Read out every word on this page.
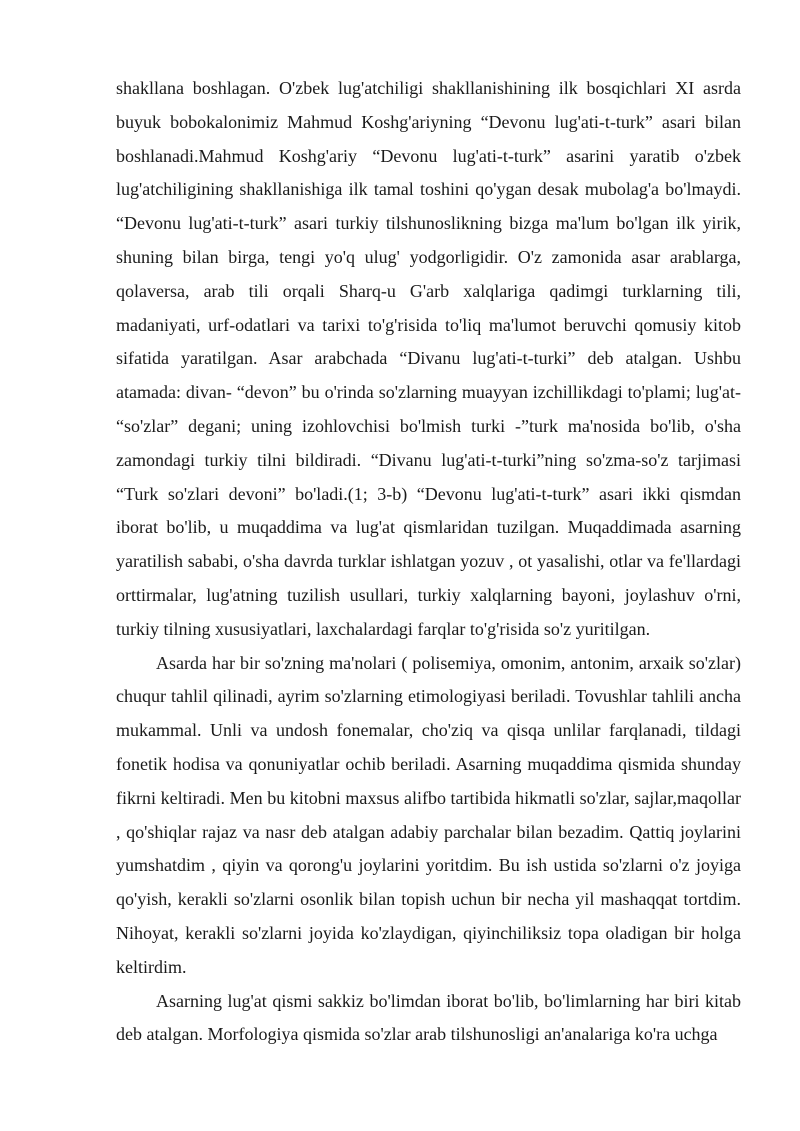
shakllana boshlagan. O'zbek lug'atchiligi shakllanishining ilk bosqichlari XI asrda buyuk bobokalonimiz Mahmud Koshg'ariyning “Devonu lug'ati-t-turk” asari bilan boshlanadi.Mahmud Koshg'ariy “Devonu lug'ati-t-turk” asarini yaratib o'zbek lug'atchiligining shakllanishiga ilk tamal toshini qo'ygan desak mubolag'a bo'lmaydi. “Devonu lug'ati-t-turk” asari turkiy tilshunoslikning bizga ma'lum bo'lgan ilk yirik, shuning bilan birga, tengi yo'q ulug' yodgorligidir. O'z zamonida asar arablarga, qolaversa, arab tili orqali Sharq-u G'arb xalqlariga qadimgi turklarning tili, madaniyati, urf-odatlari va tarixi to'g'risida to'liq ma'lumot beruvchi qomusiy kitob sifatida yaratilgan. Asar arabchada “Divanu lug'ati-t-turki” deb atalgan. Ushbu atamada: divan- “devon” bu o'rinda so'zlarning muayyan izchillikdagi to'plami; lug'at- “so'zlar” degani; uning izohlovchisi bo'lmish turki -”turk ma'nosida bo'lib, o'sha zamondagi turkiy tilni bildiradi. “Divanu lug'ati-t-turki”ning so'zma-so'z tarjimasi “Turk so'zlari devoni” bo'ladi.(1; 3-b) “Devonu lug'ati-t-turk” asari ikki qismdan iborat bo'lib, u muqaddima va lug'at qismlaridan tuzilgan. Muqaddimada asarning yaratilish sababi, o'sha davrda turklar ishlatgan yozuv , ot yasalishi, otlar va fe'llardagi orttirmalar, lug'atning tuzilish usullari, turkiy xalqlarning bayoni, joylashuv o'rni, turkiy tilning xususiyatlari, laxchalardagi farqlar to'g'risida so'z yuritilgan.

Asarda har bir so'zning ma'nolari ( polisemiya, omonim, antonim, arxaik so'zlar) chuqur tahlil qilinadi, ayrim so'zlarning etimologiyasi beriladi. Tovushlar tahlili ancha mukammal. Unli va undosh fonemalar, cho'ziq va qisqa unlilar farqlanadi, tildagi fonetik hodisa va qonuniyatlar ochib beriladi. Asarning muqaddima qismida shunday fikrni keltiradi. Men bu kitobni maxsus alifbo tartibida hikmatli so'zlar, sajlar,maqollar , qo'shiqlar rajaz va nasr deb atalgan adabiy parchalar bilan bezadim. Qattiq joylarini yumshatdim , qiyin va qorong'u joylarini yoritdim. Bu ish ustida so'zlarni o'z joyiga qo'yish, kerakli so'zlarni osonlik bilan topish uchun bir necha yil mashaqqat tortdim. Nihoyat, kerakli so'zlarni joyida ko'zlaydigan, qiyinchiliksiz topa oladigan bir holga keltirdim.

Asarning lug'at qismi sakkiz bo'limdan iborat bo'lib, bo'limlarning har biri kitab deb atalgan. Morfologiya qismida so'zlar arab tilshunosligi an'analariga ko'ra uchga
